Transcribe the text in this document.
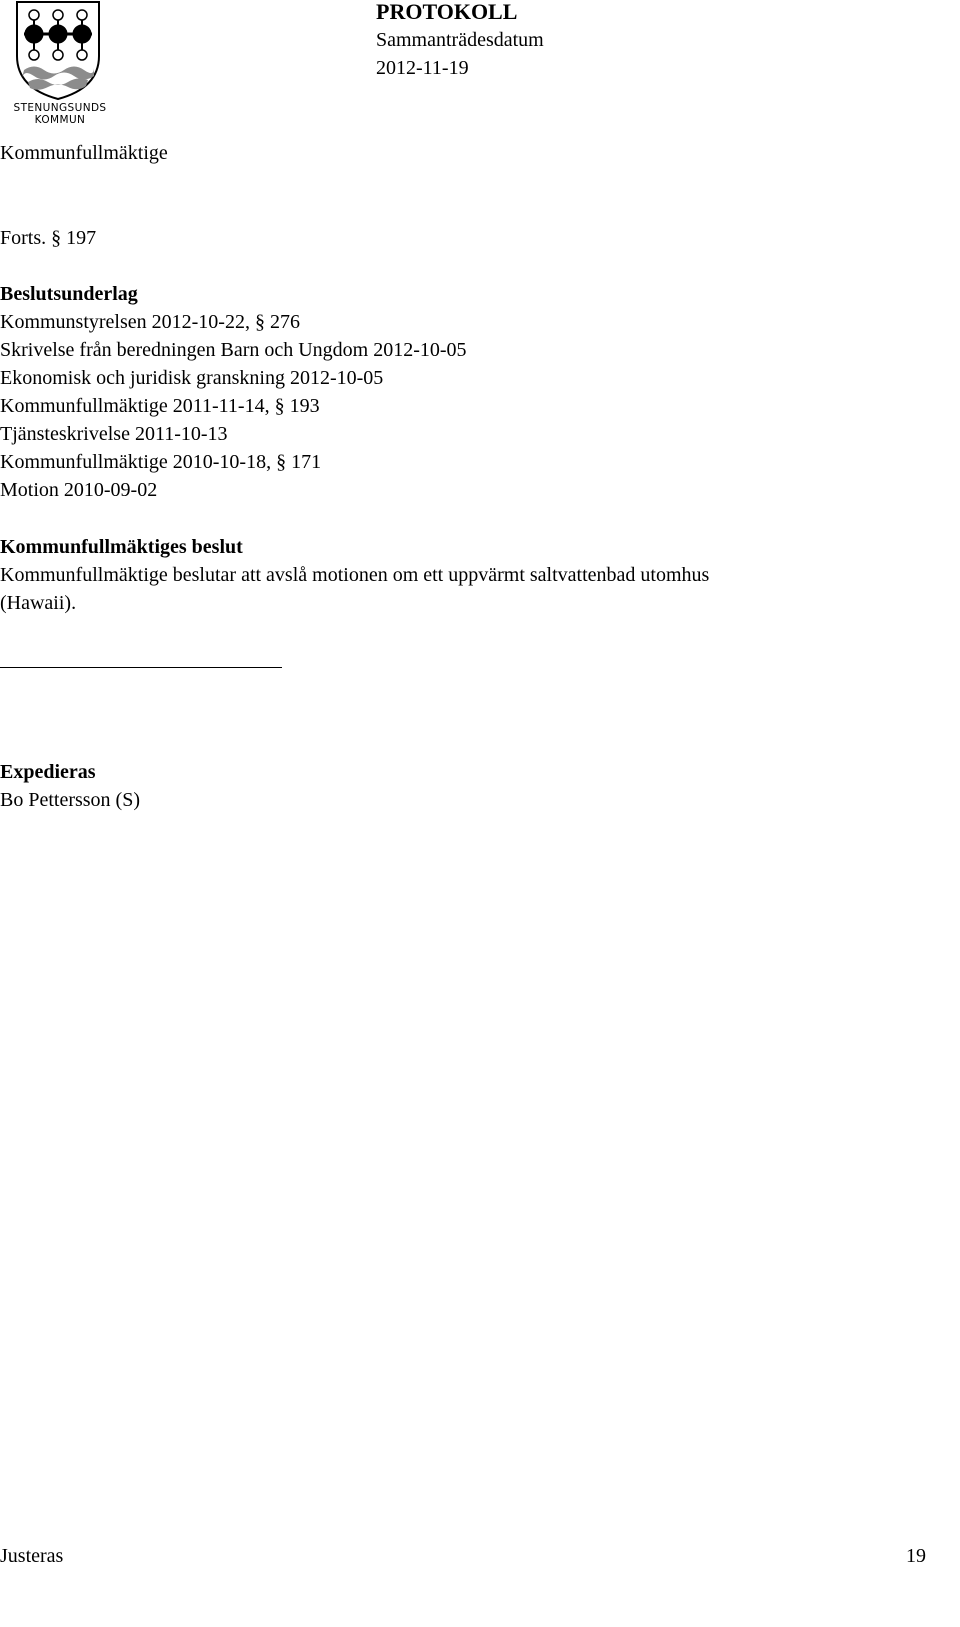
STENUNGSUNDS
KOMMUN
PROTOKOLL
Sammanträdesdatum
2012-11-19
Kommunfullmäktige
Forts. § 197
Beslutsunderlag
Kommunstyrelsen 2012-10-22, § 276
Skrivelse från beredningen Barn och Ungdom 2012-10-05
Ekonomisk och juridisk granskning 2012-10-05
Kommunfullmäktige 2011-11-14, § 193
Tjänsteskrivelse 2011-10-13
Kommunfullmäktige 2010-10-18, § 171
Motion 2010-09-02
Kommunfullmäktiges beslut
Kommunfullmäktige beslutar att avslå motionen om ett uppvärmt saltvattenbad utomhus
(Hawaii).
Expedieras
Bo Pettersson (S)
Justeras	19
